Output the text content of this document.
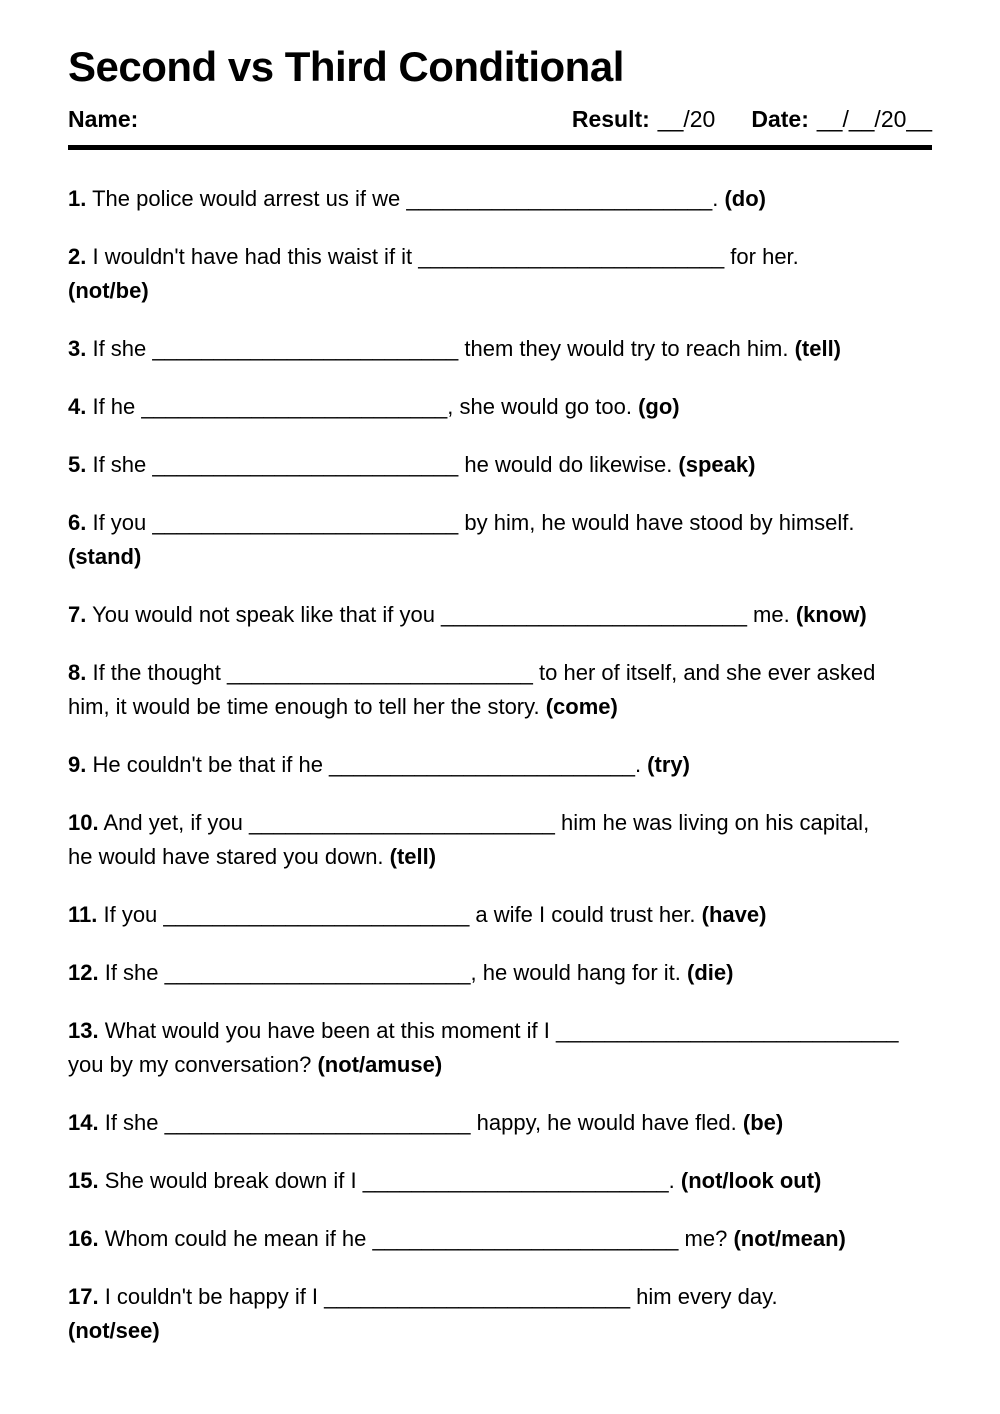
Second vs Third Conditional
Name:	Result: __/20 Date: __/__/20__

1. The police would arrest us if we _________________________. (do)

2. I wouldn't have had this waist if it _________________________ for her.
(not/be)

3. If she _________________________ them they would try to reach him. (tell)

4. If he _________________________, she would go too. (go)

5. If she _________________________ he would do likewise. (speak)

6. If you _________________________ by him, he would have stood by himself.
(stand)

7. You would not speak like that if you _________________________ me. (know)

8. If the thought _________________________ to her of itself, and she ever asked
him, it would be time enough to tell her the story. (come)

9. He couldn't be that if he _________________________. (try)

10. And yet, if you _________________________ him he was living on his capital,
he would have stared you down. (tell)

11. If you _________________________ a wife I could trust her. (have)

12. If she _________________________, he would hang for it. (die)

13. What would you have been at this moment if I ____________________________
you by my conversation? (not/amuse)

14. If she _________________________ happy, he would have fled. (be)

15. She would break down if I _________________________. (not/look out)

16. Whom could he mean if he _________________________ me? (not/mean)

17. I couldn't be happy if I _________________________ him every day.
(not/see)
